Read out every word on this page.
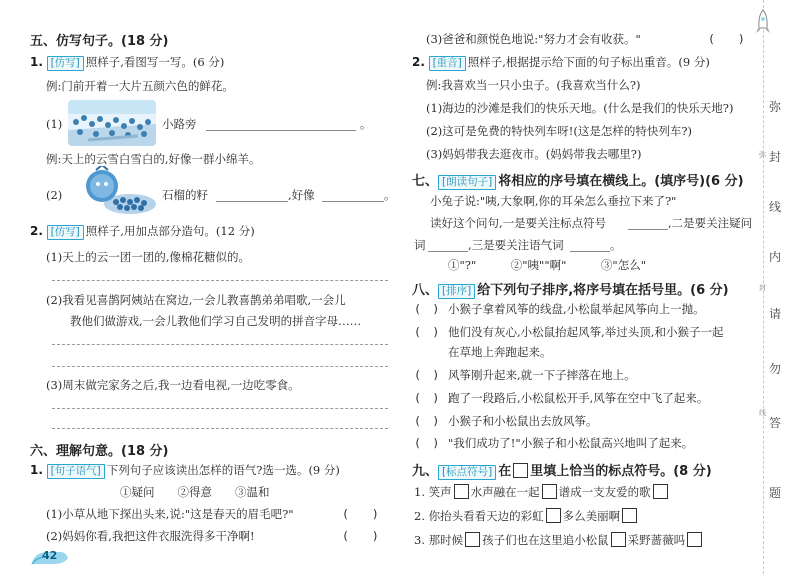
五、仿写句子。(18 分)
1. [仿写] 照样子,看图写一写。(6 分)
例:门前开着一大片五颜六色的鲜花。
(1)	小路旁	。
例:天上的云雪白雪白的,好像一群小绵羊。
(2)	石榴的籽	,好像	。
2. [仿写] 照样子,用加点部分造句。(12 分)
(1)天上的云一团一团的,像棉花糖似的。
(2)我看见喜鹊阿姨站在窝边,一会儿教喜鹊弟弟唱歌,一会儿
教他们做游戏,一会儿教他们学习自己发明的拼音字母……
(3)周末做完家务之后,我一边看电视,一边吃零食。
六、理解句意。(18 分)
1. [句子语气] 下列句子应该读出怎样的语气?选一选。(9 分)
①疑问　　②得意　　③温和
(1)小草从地下探出头来,说:"这是春天的眉毛吧?"	(　　)
(2)妈妈你看,我把这件衣服洗得多干净啊!	(　　)
42
(3)爸爸和颜悦色地说:"努力才会有收获。"	(　　)
2. [重音] 照样子,根据提示给下面的句子标出重音。(9 分)
例:我喜欢当一只小虫子。(我喜欢当什么?)
(1)海边的沙滩是我们的快乐天地。(什么是我们的快乐天地?)
(2)这可是免费的特快列车呀!(这是怎样的特快列车?)
(3)妈妈带我去逛夜市。(妈妈带我去哪里?)
七、 [朗读句子] 将相应的序号填在横线上。(填序号)(6 分)
小兔子说:"咦,大象啊,你的耳朵怎么垂拉下来了?"
读好这个问句,一是要关注标点符号	,二是要关注疑问
词	,三是要关注语气词	。
①"?"　　　②"咦""啊"　　　③"怎么"
八、 [排序] 给下列句子排序,将序号填在括号里。(6 分)
(　) 小猴子拿着风筝的线盘,小松鼠举起风筝向上一抛。
(　) 他们没有灰心,小松鼠抬起风筝,举过头顶,和小猴子一起
在草地上奔跑起来。
(　) 风筝刚升起来,就一下子摔落在地上。
(　) 跑了一段路后,小松鼠松开手,风筝在空中飞了起来。
(　) 小猴子和小松鼠出去放风筝。
(　) "我们成功了!"小猴子和小松鼠高兴地叫了起来。
九、 [标点符号] 在 里填上恰当的标点符号。(8 分)
1. 笑声 水声融在一起 谱成一支友爱的歌
2. 你抬头看看天边的彩虹 多么美丽啊
3. 那时候 孩子们也在这里追小松鼠 采野蔷薇吗
弥
封
线
弥
封
线
内
请
勿
答
题
